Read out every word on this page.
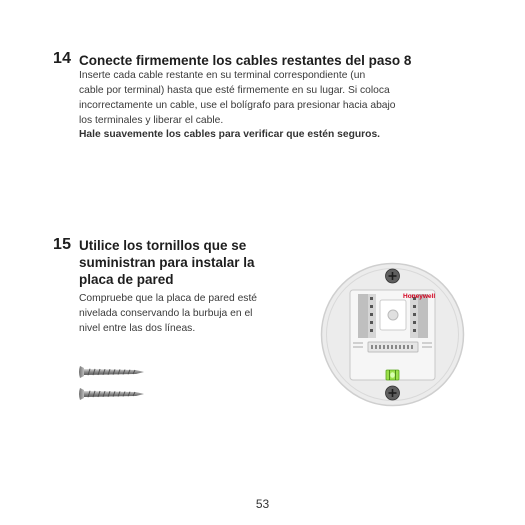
14 Conecte firmemente los cables restantes del paso 8

Inserte cada cable restante en su terminal correspondiente (un

cable por terminal) hasta que esté firmemente en su lugar. Si coloca

incorrectamente un cable, use el bolígrafo para presionar hacia abajo

los terminales y liberar el cable.

Hale suavemente los cables para verificar que estén seguros.
15 Utilice los tornillos que se

suministran para instalar la

placa de pared

Compruebe que la placa de pared esté

nivelada conservando la burbuja en el

nivel entre las dos líneas.

Honeywell
53
